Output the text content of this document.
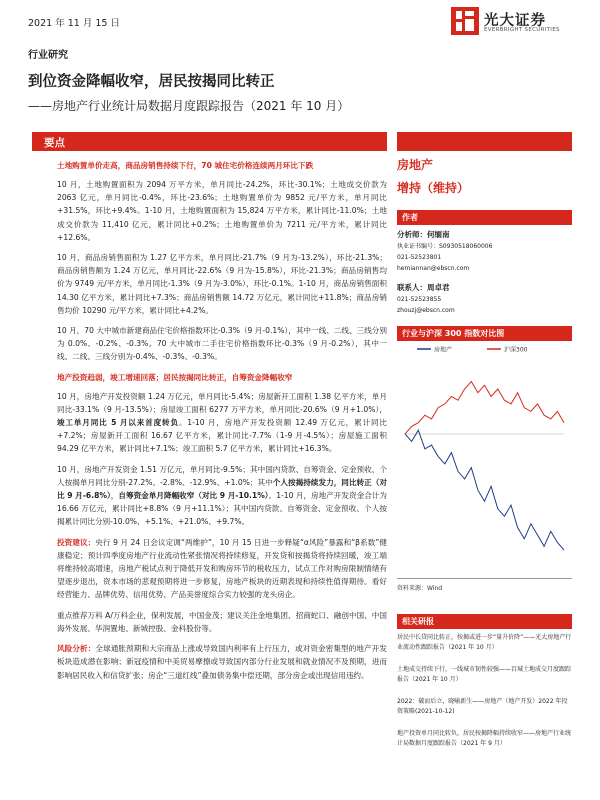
2021 年 11 月 15 日	光大证券
EVERBRIGHT SECURITIES
行业研究
到位资金降幅收窄，居民按揭同比转正
——房地产行业统计局数据月度跟踪报告（2021 年 10 月）
要点
土地购置单价走高，商品房销售持续下行，70 城住宅价格连续两月环比下跌
10 月，土地购置面积为 2094 万平方米，单月同比-24.2%，环比-30.1%；土地成交价款为 2063 亿元，单月同比-0.4%，环比-23.6%；土地购置单价为 9852 元/平方米，单月同比+31.5%，环比+9.4%。1-10 月，土地购置面积为 15,824 万平方米，累计同比-11.0%；土地成交价款为 11,410 亿元，累计同比+0.2%；土地购置单价为 7211 元/平方米，累计同比+12.6%。
10 月，商品房销售面积为 1.27 亿平方米，单月同比-21.7%（9 月为-13.2%），环比-21.3%；商品房销售额为 1.24 万亿元，单月同比-22.6%（9 月为-15.8%），环比-21.3%；商品房销售均价为 9749 元/平方米，单月同比-1.3%（9 月为-3.0%），环比-0.1%。1-10 月，商品房销售面积 14.30 亿平方米，累计同比+7.3%；商品房销售额 14.72 万亿元，累计同比+11.8%；商品房销售均价 10290 元/平方米，累计同比+4.2%。
10 月，70 大中城市新建商品住宅价格指数环比-0.3%（9 月-0.1%），其中一线、二线、三线分别为 0.0%、-0.2%、-0.3%。70 大中城市二手住宅价格指数环比-0.3%（9 月-0.2%），其中一线、二线、三线分别为-0.4%、-0.3%、-0.3%。
地产投资趋弱，竣工增速回落；居民按揭同比转正，自筹资金降幅收窄
10 月，房地产开发投资额 1.24 万亿元，单月同比-5.4%；房屋新开工面积 1.38 亿平方米，单月同比-33.1%（9 月-13.5%）；房屋竣工面积 6277 万平方米，单月同比-20.6%（9 月+1.0%），竣工单月同比 5 月以来首度转负。1-10 月，房地产开发投资额 12.49 万亿元，累计同比+7.2%；房屋新开工面积 16.67 亿平方米，累计同比-7.7%（1-9 月-4.5%）；房屋施工面积 94.29 亿平方米，累计同比+7.1%；竣工面积 5.7 亿平方米，累计同比+16.3%。
10 月，房地产开发资金 1.51 万亿元，单月同比-9.5%；其中国内贷款、自筹资金、定金预收、个人按揭单月同比分别-27.2%、-2.8%、-12.9%、+1.0%；其中个人按揭持续发力，同比转正（对比 9 月-6.8%），自筹资金单月降幅收窄（对比 9 月-10.1%）。1-10 月，房地产开发资金合计为 16.66 万亿元，累计同比+8.8%（9 月+11.1%）；其中国内贷款、自筹资金、定金预收、个人按揭累计同比分别-10.0%、+5.1%、+21.0%、+9.7%。
投资建议：央行 9 月 24 日会议定调“两维护”，10 月 15 日进一步释疑“α风险”暴露和“β系数”健康稳定；预计四季度房地产行业流动性紧张情况将持续修复，开发贷和按揭贷将持续回暖，竣工端将维持较高增速，房地产税试点利于降低开发和购房环节的税收压力，试点工作对购房限制情绪有望逐步退出，资本市场的悲观预期将进一步修复，房地产板块的近期表现和持续性值得期待。看好经营能力、品牌优势、信用优势、产品美誉度综合实力较强的龙头房企。
重点推荐万科 A/万科企业，保利发展，中国金茂；建议关注金地集团、招商蛇口、融创中国、中国海外发展、华润置地、新城控股、金科股份等。
风险分析：全球通胀预期和大宗商品上涨或导致国内利率有上行压力，或对资金密集型的地产开发板块造成潜在影响；新冠疫情和中美贸易摩擦或导致国内部分行业发展和就业情况不及预期，进而影响居民收入和信贷扩张；房企“三道红线”叠加债务集中偿还期，部分房企或出现信用违约。
房地产
增持（维持）
作者
分析师：何缅南
执业证书编号：S0930518060006
021-52523801
hemiannan@ebscn.com
联系人：周卓君
021-52523855
zhouzj@ebscn.com
行业与沪深 300 指数对比图
房地产	沪深300
资料来源：Wind
相关研报
居民中长贷同比转正，按揭或进一步“量升价降”——光大房地产行业流动性跟踪报告（2021 年 10 月）
土地成交持续下行，一线城市韧性较强——百城土地成交月度跟踪报告（2021 年 10 月）
2022：破而后立，晓喻新生——房地产（地产开发）2022 年投资策略(2021-10-12)
地产投资单月同比转负，居民按揭降幅持续收窄——房地产行业统计局数据月度跟踪报告（2021 年 9 月）
